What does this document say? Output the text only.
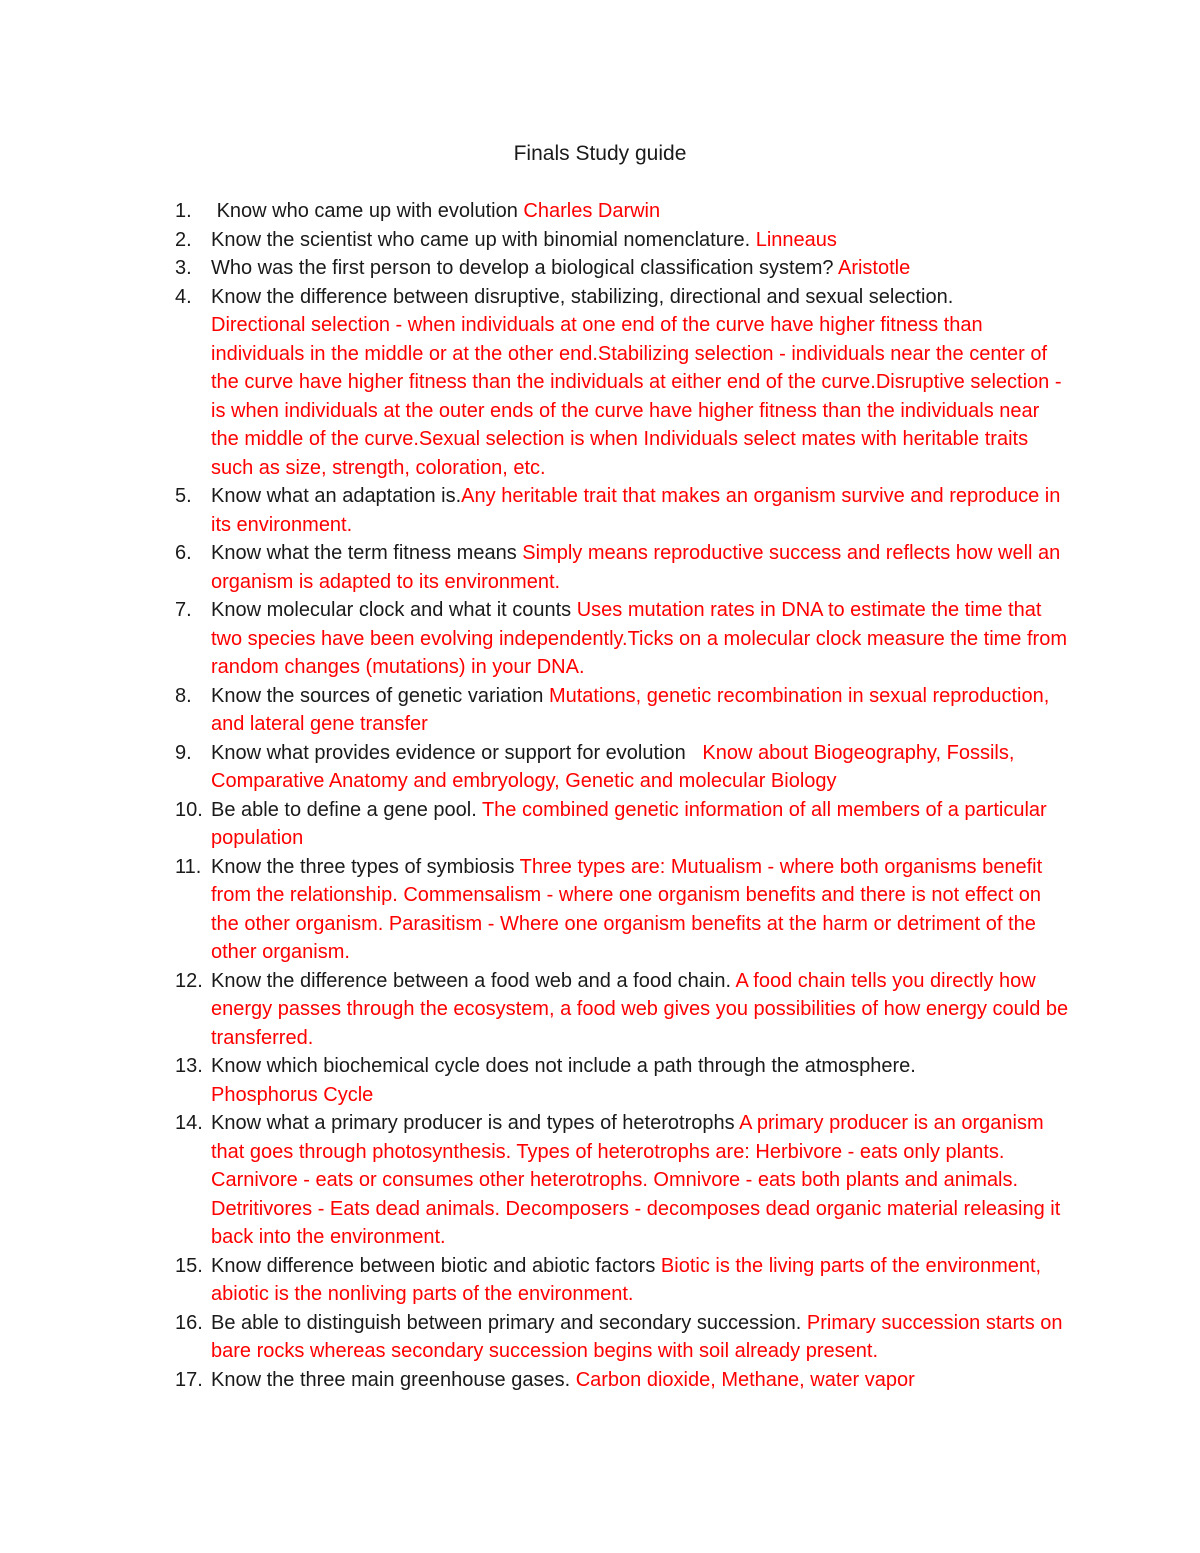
Finals Study guide
1. Know who came up with evolution Charles Darwin
2. Know the scientist who came up with binomial nomenclature. Linneaus
3. Who was the first person to develop a biological classification system? Aristotle
4. Know the difference between disruptive, stabilizing, directional and sexual selection.
Directional selection - when individuals at one end of the curve have higher fitness than individuals in the middle or at the other end.Stabilizing selection - individuals near the center of the curve have higher fitness than the individuals at either end of the curve.Disruptive selection - is when individuals at the outer ends of the curve have higher fitness than the individuals near the middle of the curve.Sexual selection is when Individuals select mates with heritable traits such as size, strength, coloration, etc.
5. Know what an adaptation is.Any heritable trait that makes an organism survive and reproduce in its environment.
6. Know what the term fitness means Simply means reproductive success and reflects how well an organism is adapted to its environment.
7. Know molecular clock and what it counts Uses mutation rates in DNA to estimate the time that two species have been evolving independently.Ticks on a molecular clock measure the time from random changes (mutations) in your DNA.
8. Know the sources of genetic variation Mutations, genetic recombination in sexual reproduction, and lateral gene transfer
9. Know what provides evidence or support for evolution   Know about Biogeography, Fossils, Comparative Anatomy and embryology, Genetic and molecular Biology
10. Be able to define a gene pool. The combined genetic information of all members of a particular population
11. Know the three types of symbiosis Three types are: Mutualism - where both organisms benefit from the relationship. Commensalism - where one organism benefits and there is not effect on the other organism. Parasitism - Where one organism benefits at the harm or detriment of the other organism.
12. Know the difference between a food web and a food chain. A food chain tells you directly how energy passes through the ecosystem, a food web gives you possibilities of how energy could be transferred.
13. Know which biochemical cycle does not include a path through the atmosphere.
Phosphorus Cycle
14. Know what a primary producer is and types of heterotrophs A primary producer is an organism that goes through photosynthesis. Types of heterotrophs are: Herbivore - eats only plants. Carnivore - eats or consumes other heterotrophs. Omnivore - eats both plants and animals. Detritivores - Eats dead animals. Decomposers - decomposes dead organic material releasing it back into the environment.
15. Know difference between biotic and abiotic factors Biotic is the living parts of the environment, abiotic is the nonliving parts of the environment.
16. Be able to distinguish between primary and secondary succession. Primary succession starts on bare rocks whereas secondary succession begins with soil already present.
17. Know the three main greenhouse gases. Carbon dioxide, Methane, water vapor
